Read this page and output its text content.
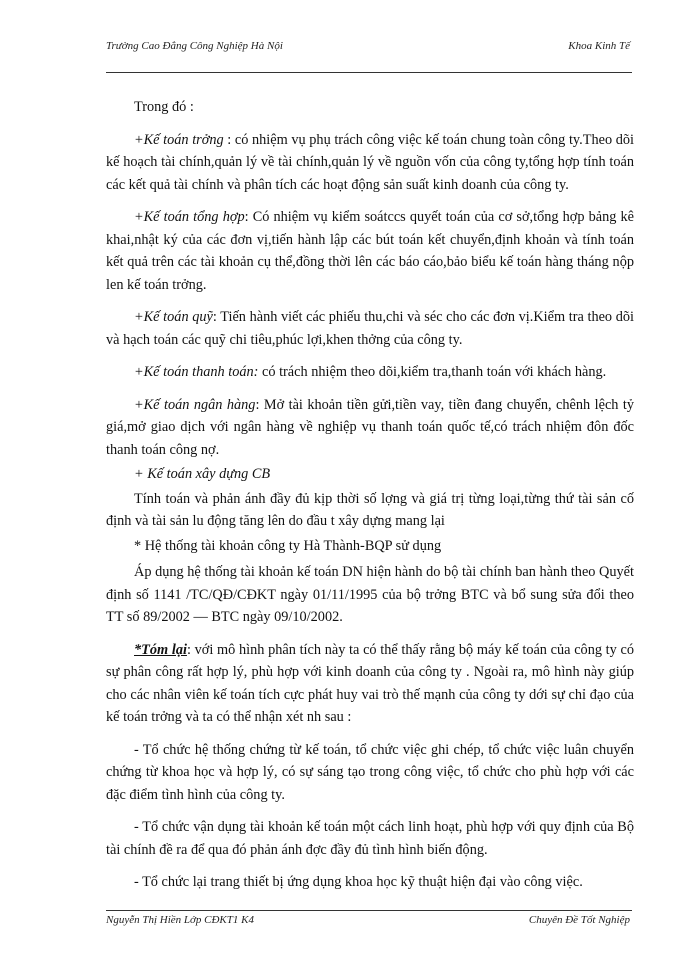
Trường Cao Đẳng Công Nghiệp Hà Nội	Khoa Kinh Tế

Trong đó :

+Kế toán trởng : có nhiệm vụ phụ trách công việc kế toán chung toàn công ty.Theo dõi kế hoạch tài chính,quản lý về tài chính,quản lý về nguồn vốn của công ty,tổng hợp tính toán các kết quả tài chính và phân tích các hoạt động sản suất kinh doanh của công ty.

+Kế toán tổng hợp: Có nhiệm vụ kiểm soátccs quyết toán của cơ sở,tổng hợp bảng kê khai,nhật ký của các đơn vị,tiến hành lập các bút toán kết chuyển,định khoản và tính toán kết quả trên các tài khoản cụ thể,đồng thời lên các báo cáo,bảo biểu kế toán hàng tháng nộp len kế toán trởng.

+Kế toán quỹ: Tiến hành viết các phiếu thu,chi và séc cho các đơn vị.Kiểm tra theo dõi và hạch toán các quỹ chi tiêu,phúc lợi,khen thởng của công ty.

+Kế toán thanh toán: có trách nhiệm theo dõi,kiểm tra,thanh toán với khách hàng.

+Kế toán ngân hàng: Mở tài khoản tiền gửi,tiền vay, tiền đang chuyển, chênh lệch tỷ giá,mở giao dịch với ngân hàng về nghiệp vụ thanh toán quốc tế,có trách nhiệm đôn đốc thanh toán công nợ.

+ Kế toán xây dựng CB

Tính toán và phản ánh đầy đủ kịp thời số lợng và giá trị từng loại,từng thứ tài sản cố định và tài sản lu động tăng lên do đầu t xây dựng mang lại

* Hệ thống tài khoản công ty Hà Thành-BQP sử dụng

Áp dụng hệ thống tài khoản kế toán DN hiện hành do bộ tài chính ban hành theo Quyết định số 1141 /TC/QĐ/CĐKT ngày 01/11/1995 của bộ trởng BTC và bổ sung sửa đổi theo TT số 89/2002 — BTC ngày 09/10/2002.

*Tóm lại: với mô hình phân tích này ta có thể thấy rằng bộ máy kế toán của công ty có sự phân công rất hợp lý, phù hợp với kinh doanh của công ty . Ngoài ra, mô hình này giúp cho các nhân viên kế toán tích cực phát huy vai trò thế mạnh của công ty dới sự chỉ đạo của kế toán trởng và ta có thể nhận xét nh sau :

- Tổ chức hệ thống chứng từ kế toán, tổ chức việc ghi chép, tổ chức việc luân chuyển chứng từ khoa học và hợp lý, có sự sáng tạo trong công việc, tổ chức cho phù hợp với các đặc điểm tình hình của công ty.

- Tổ chức vận dụng tài khoản kế toán một cách linh hoạt, phù hợp với quy định của Bộ tài chính đề ra để qua đó phản ánh đợc đầy đủ tình hình biến động.

- Tổ chức lại trang thiết bị ứng dụng khoa học kỹ thuật hiện đại vào công việc.

Nguyễn Thị Hiền Lớp CĐKT1 K4	Chuyên Đề Tốt Nghiệp
